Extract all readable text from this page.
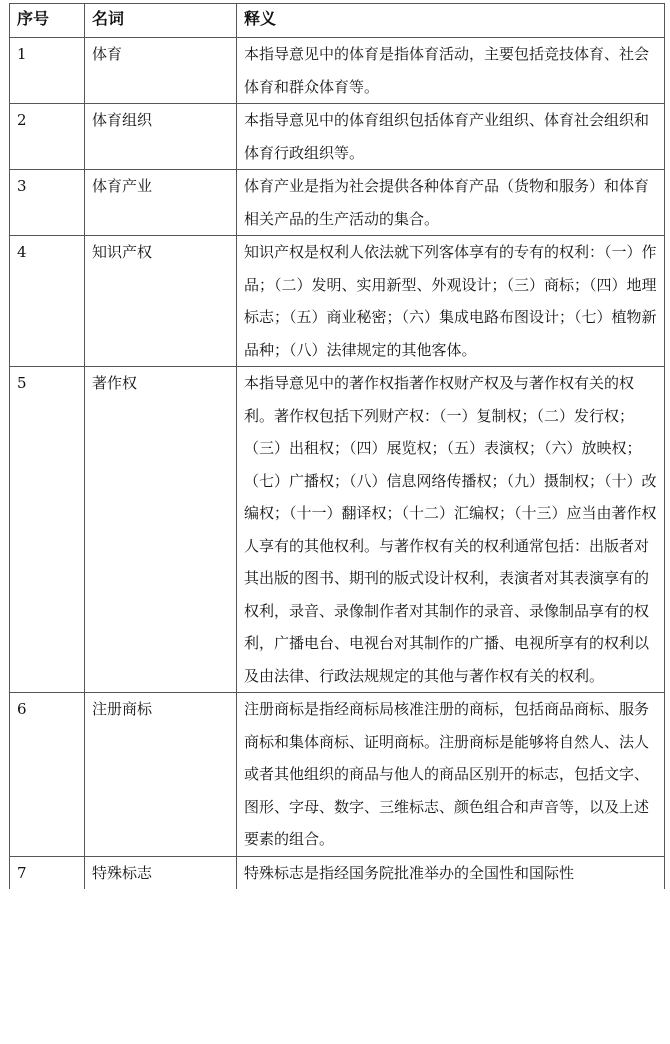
序号	名词	释义
1	体育	本指导意见中的体育是指体育活动，主要包括竞技体育、社会体育和群众体育等。
2	体育组织	本指导意见中的体育组织包括体育产业组织、体育社会组织和体育行政组织等。
3	体育产业	体育产业是指为社会提供各种体育产品（货物和服务）和体育相关产品的生产活动的集合。
4	知识产权	知识产权是权利人依法就下列客体享有的专有的权利：（一）作品；（二）发明、实用新型、外观设计；（三）商标；（四）地理标志；（五）商业秘密；（六）集成电路布图设计；（七）植物新品种；（八）法律规定的其他客体。
5	著作权	本指导意见中的著作权指著作权财产权及与著作权有关的权利。著作权包括下列财产权：（一）复制权；（二）发行权；（三）出租权；（四）展览权；（五）表演权；（六）放映权；（七）广播权；（八）信息网络传播权；（九）摄制权；（十）改编权；（十一）翻译权；（十二）汇编权；（十三）应当由著作权人享有的其他权利。与著作权有关的权利通常包括：出版者对其出版的图书、期刊的版式设计权利，表演者对其表演享有的权利，录音、录像制作者对其制作的录音、录像制品享有的权利，广播电台、电视台对其制作的广播、电视所享有的权利以及由法律、行政法规规定的其他与著作权有关的权利。
6	注册商标	注册商标是指经商标局核准注册的商标，包括商品商标、服务商标和集体商标、证明商标。注册商标是能够将自然人、法人或者其他组织的商品与他人的商品区别开的标志，包括文字、图形、字母、数字、三维标志、颜色组合和声音等，以及上述要素的组合。
7	特殊标志	特殊标志是指经国务院批准举办的全国性和国际性
